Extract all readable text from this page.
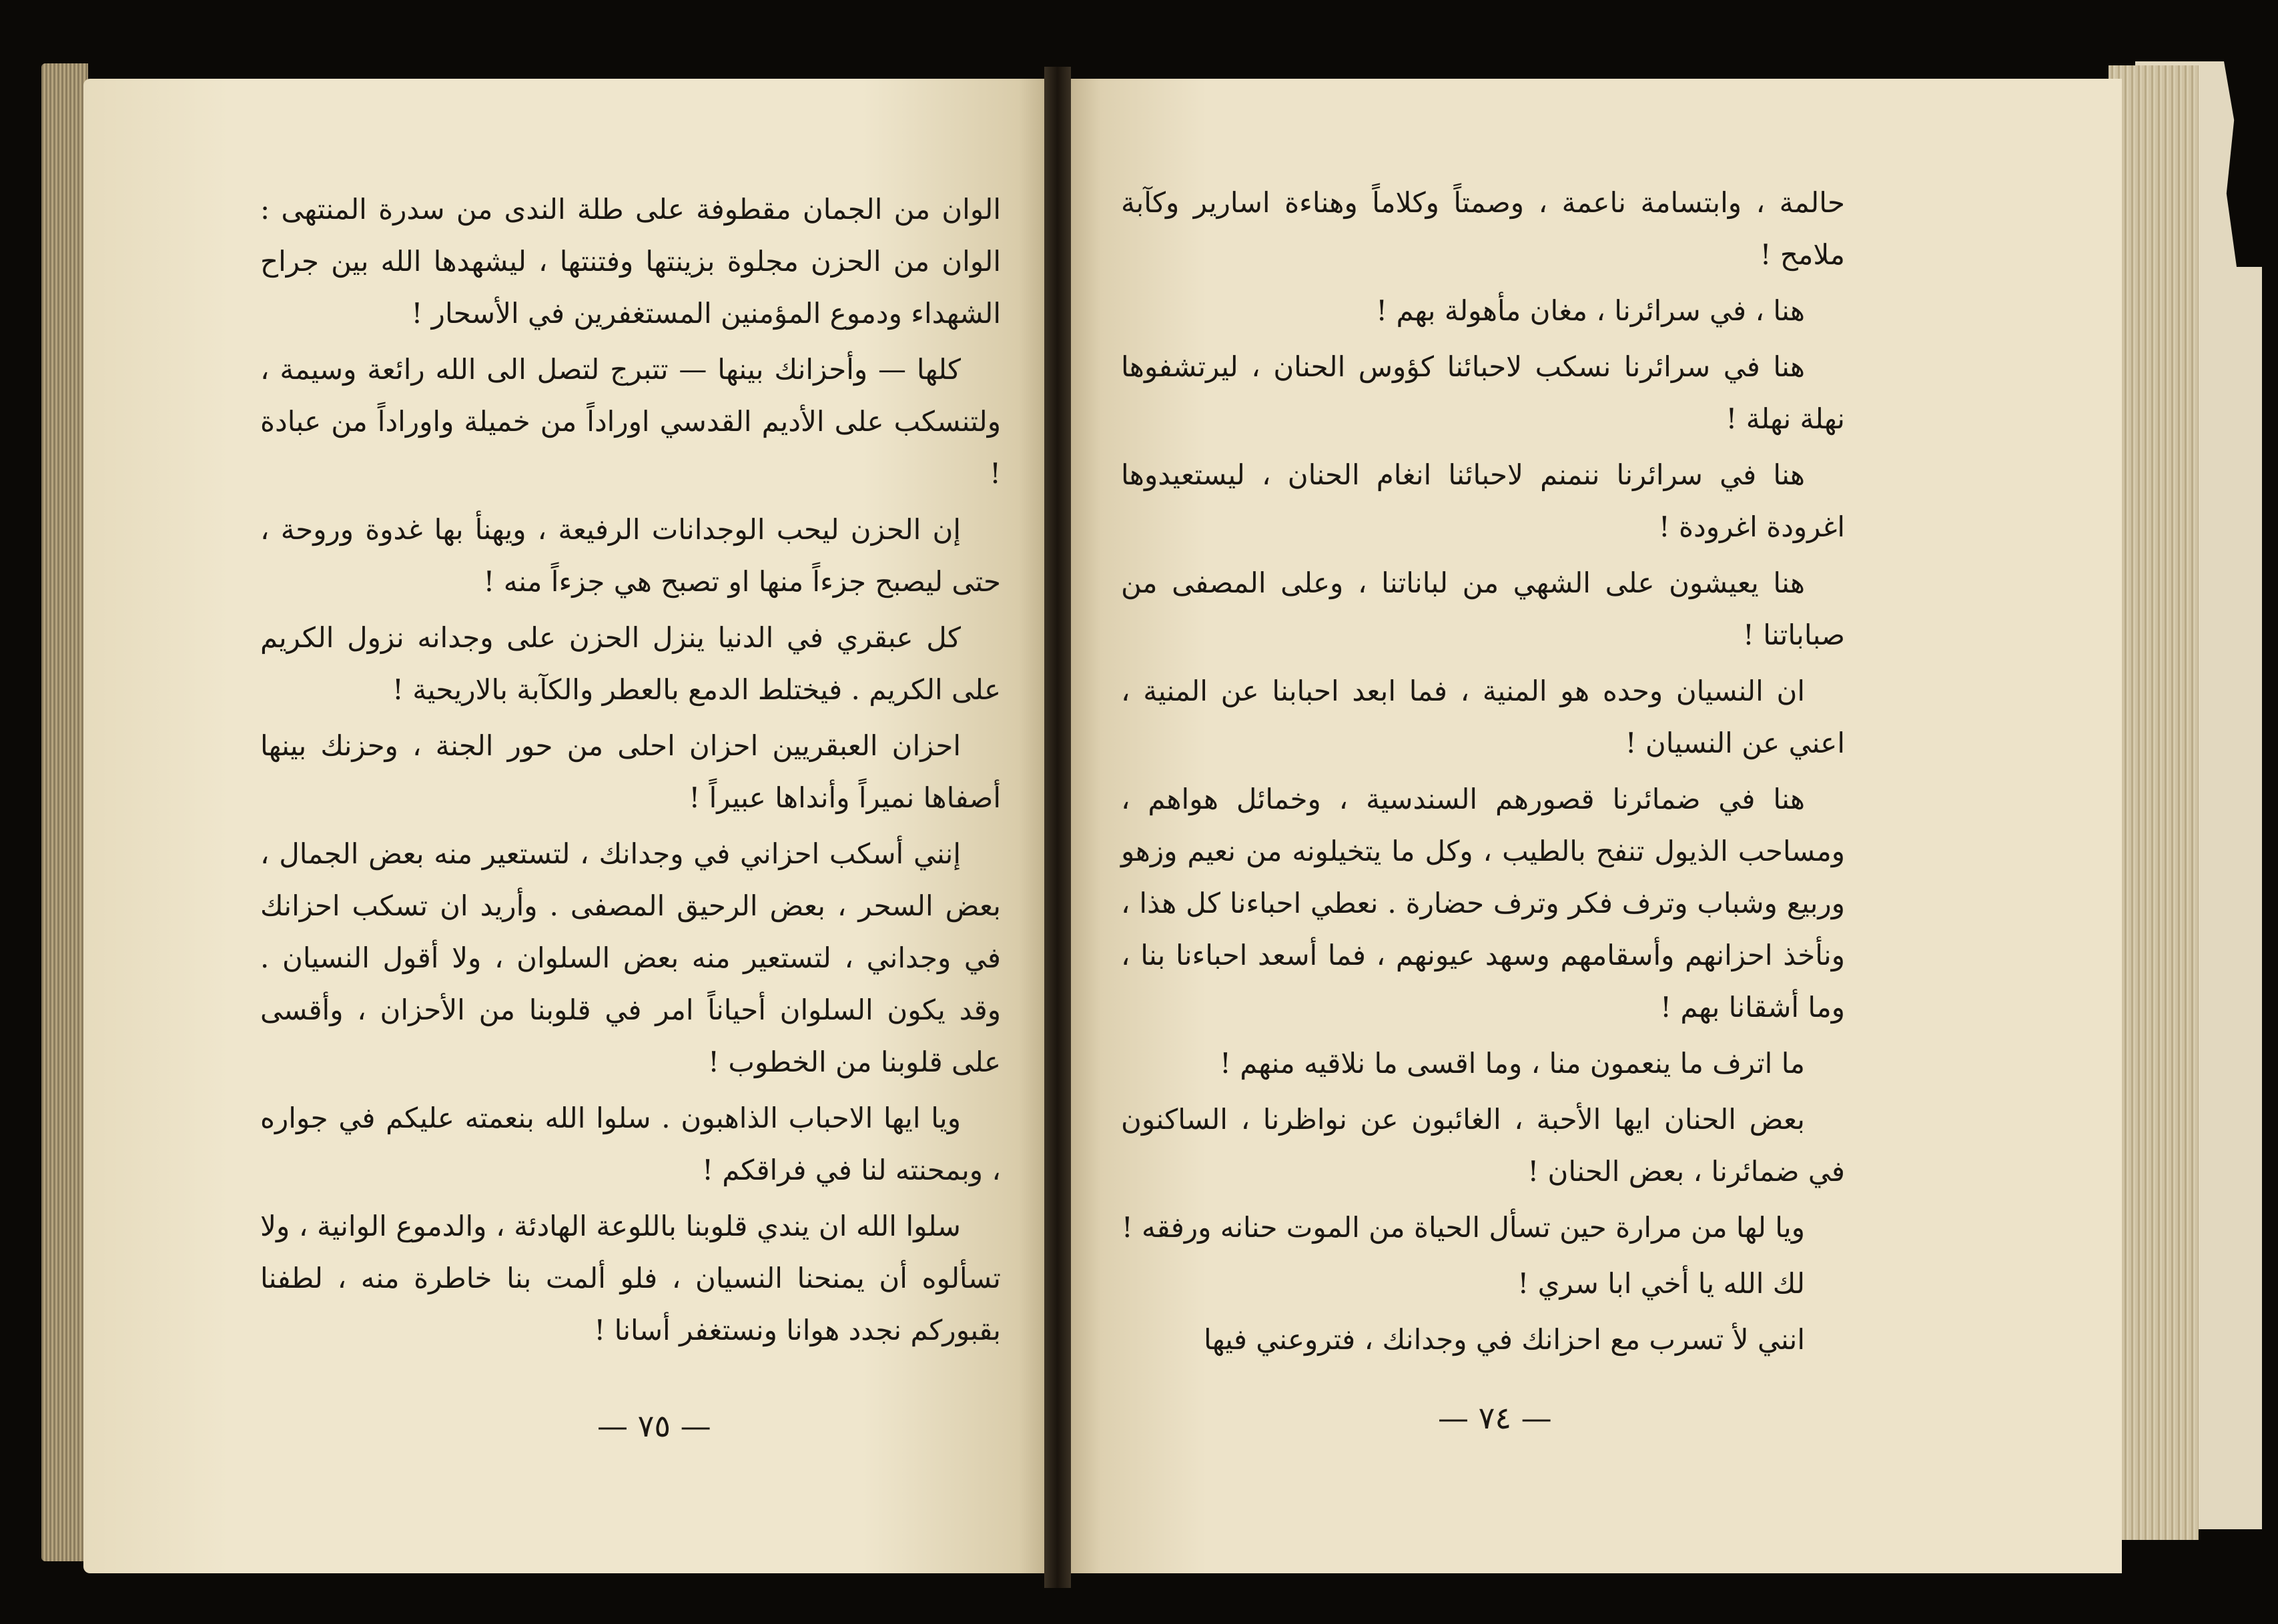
الوان من الجمان مقطوفة على طلة الندى من سدرة المنتهى : الوان من الحزن مجلوة بزينتها وفتنتها ، ليشهدها الله بين جراح الشهداء ودموع المؤمنين المستغفرين في الأسحار !

كلها — وأحزانك بينها — تتبرج لتصل الى الله رائعة وسيمة ، ولتنسكب على الأديم القدسي اوراداً من خميلة واوراداً من عبادة !

إن الحزن ليحب الوجدانات الرفيعة ، ويهنأ بها غدوة وروحة ، حتى ليصبح جزءاً منها او تصبح هي جزءاً منه !

كل عبقري في الدنيا ينزل الحزن على وجدانه نزول الكريم على الكريم . فيختلط الدمع بالعطر والكآبة بالاريحية !

احزان العبقريين احزان احلى من حور الجنة ، وحزنك بينها أصفاها نميراً وأنداها عبيراً !

إنني أسكب احزاني في وجدانك ، لتستعير منه بعض الجمال ، بعض السحر ، بعض الرحيق المصفى . وأريد ان تسكب احزانك في وجداني ، لتستعير منه بعض السلوان ، ولا أقول النسيان . وقد يكون السلوان أحياناً امر في قلوبنا من الأحزان ، وأقسى على قلوبنا من الخطوب !

ويا ايها الاحباب الذاهبون . سلوا الله بنعمته عليكم في جواره ، وبمحنته لنا في فراقكم !

سلوا الله ان يندي قلوبنا باللوعة الهادئة ، والدموع الوانية ، ولا تسألوه أن يمنحنا النسيان ، فلو ألمت بنا خاطرة منه ، لطفنا بقبوركم نجدد هوانا ونستغفر أسانا !

— ٧٥ —

حالمة ، وابتسامة ناعمة ، وصمتاً وكلاماً وهناءة اسارير وكآبة ملامح !

هنا ، في سرائرنا ، مغان مأهولة بهم !

هنا في سرائرنا نسكب لاحبائنا كؤوس الحنان ، ليرتشفوها نهلة نهلة !

هنا في سرائرنا ننمنم لاحبائنا انغام الحنان ، ليستعيدوها اغرودة اغرودة !

هنا يعيشون على الشهي من لباناتنا ، وعلى المصفى من صباباتنا !

ان النسيان وحده هو المنية ، فما ابعد احبابنا عن المنية ، اعني عن النسيان !

هنا في ضمائرنا قصورهم السندسية ، وخمائل هواهم ، ومساحب الذيول تنفح بالطيب ، وكل ما يتخيلونه من نعيم وزهو وربيع وشباب وترف فكر وترف حضارة . نعطي احباءنا كل هذا ، ونأخذ احزانهم وأسقامهم وسهد عيونهم ، فما أسعد احباءنا بنا ، وما أشقانا بهم !

ما اترف ما ينعمون منا ، وما اقسى ما نلاقيه منهم !

بعض الحنان ايها الأحبة ، الغائبون عن نواظرنا ، الساكنون في ضمائرنا ، بعض الحنان !

ويا لها من مرارة حين تسأل الحياة من الموت حنانه ورفقه !

لك الله يا أخي ابا سري !

انني لأ تسرب مع احزانك في وجدانك ، فتروعني فيها

— ٧٤ —
